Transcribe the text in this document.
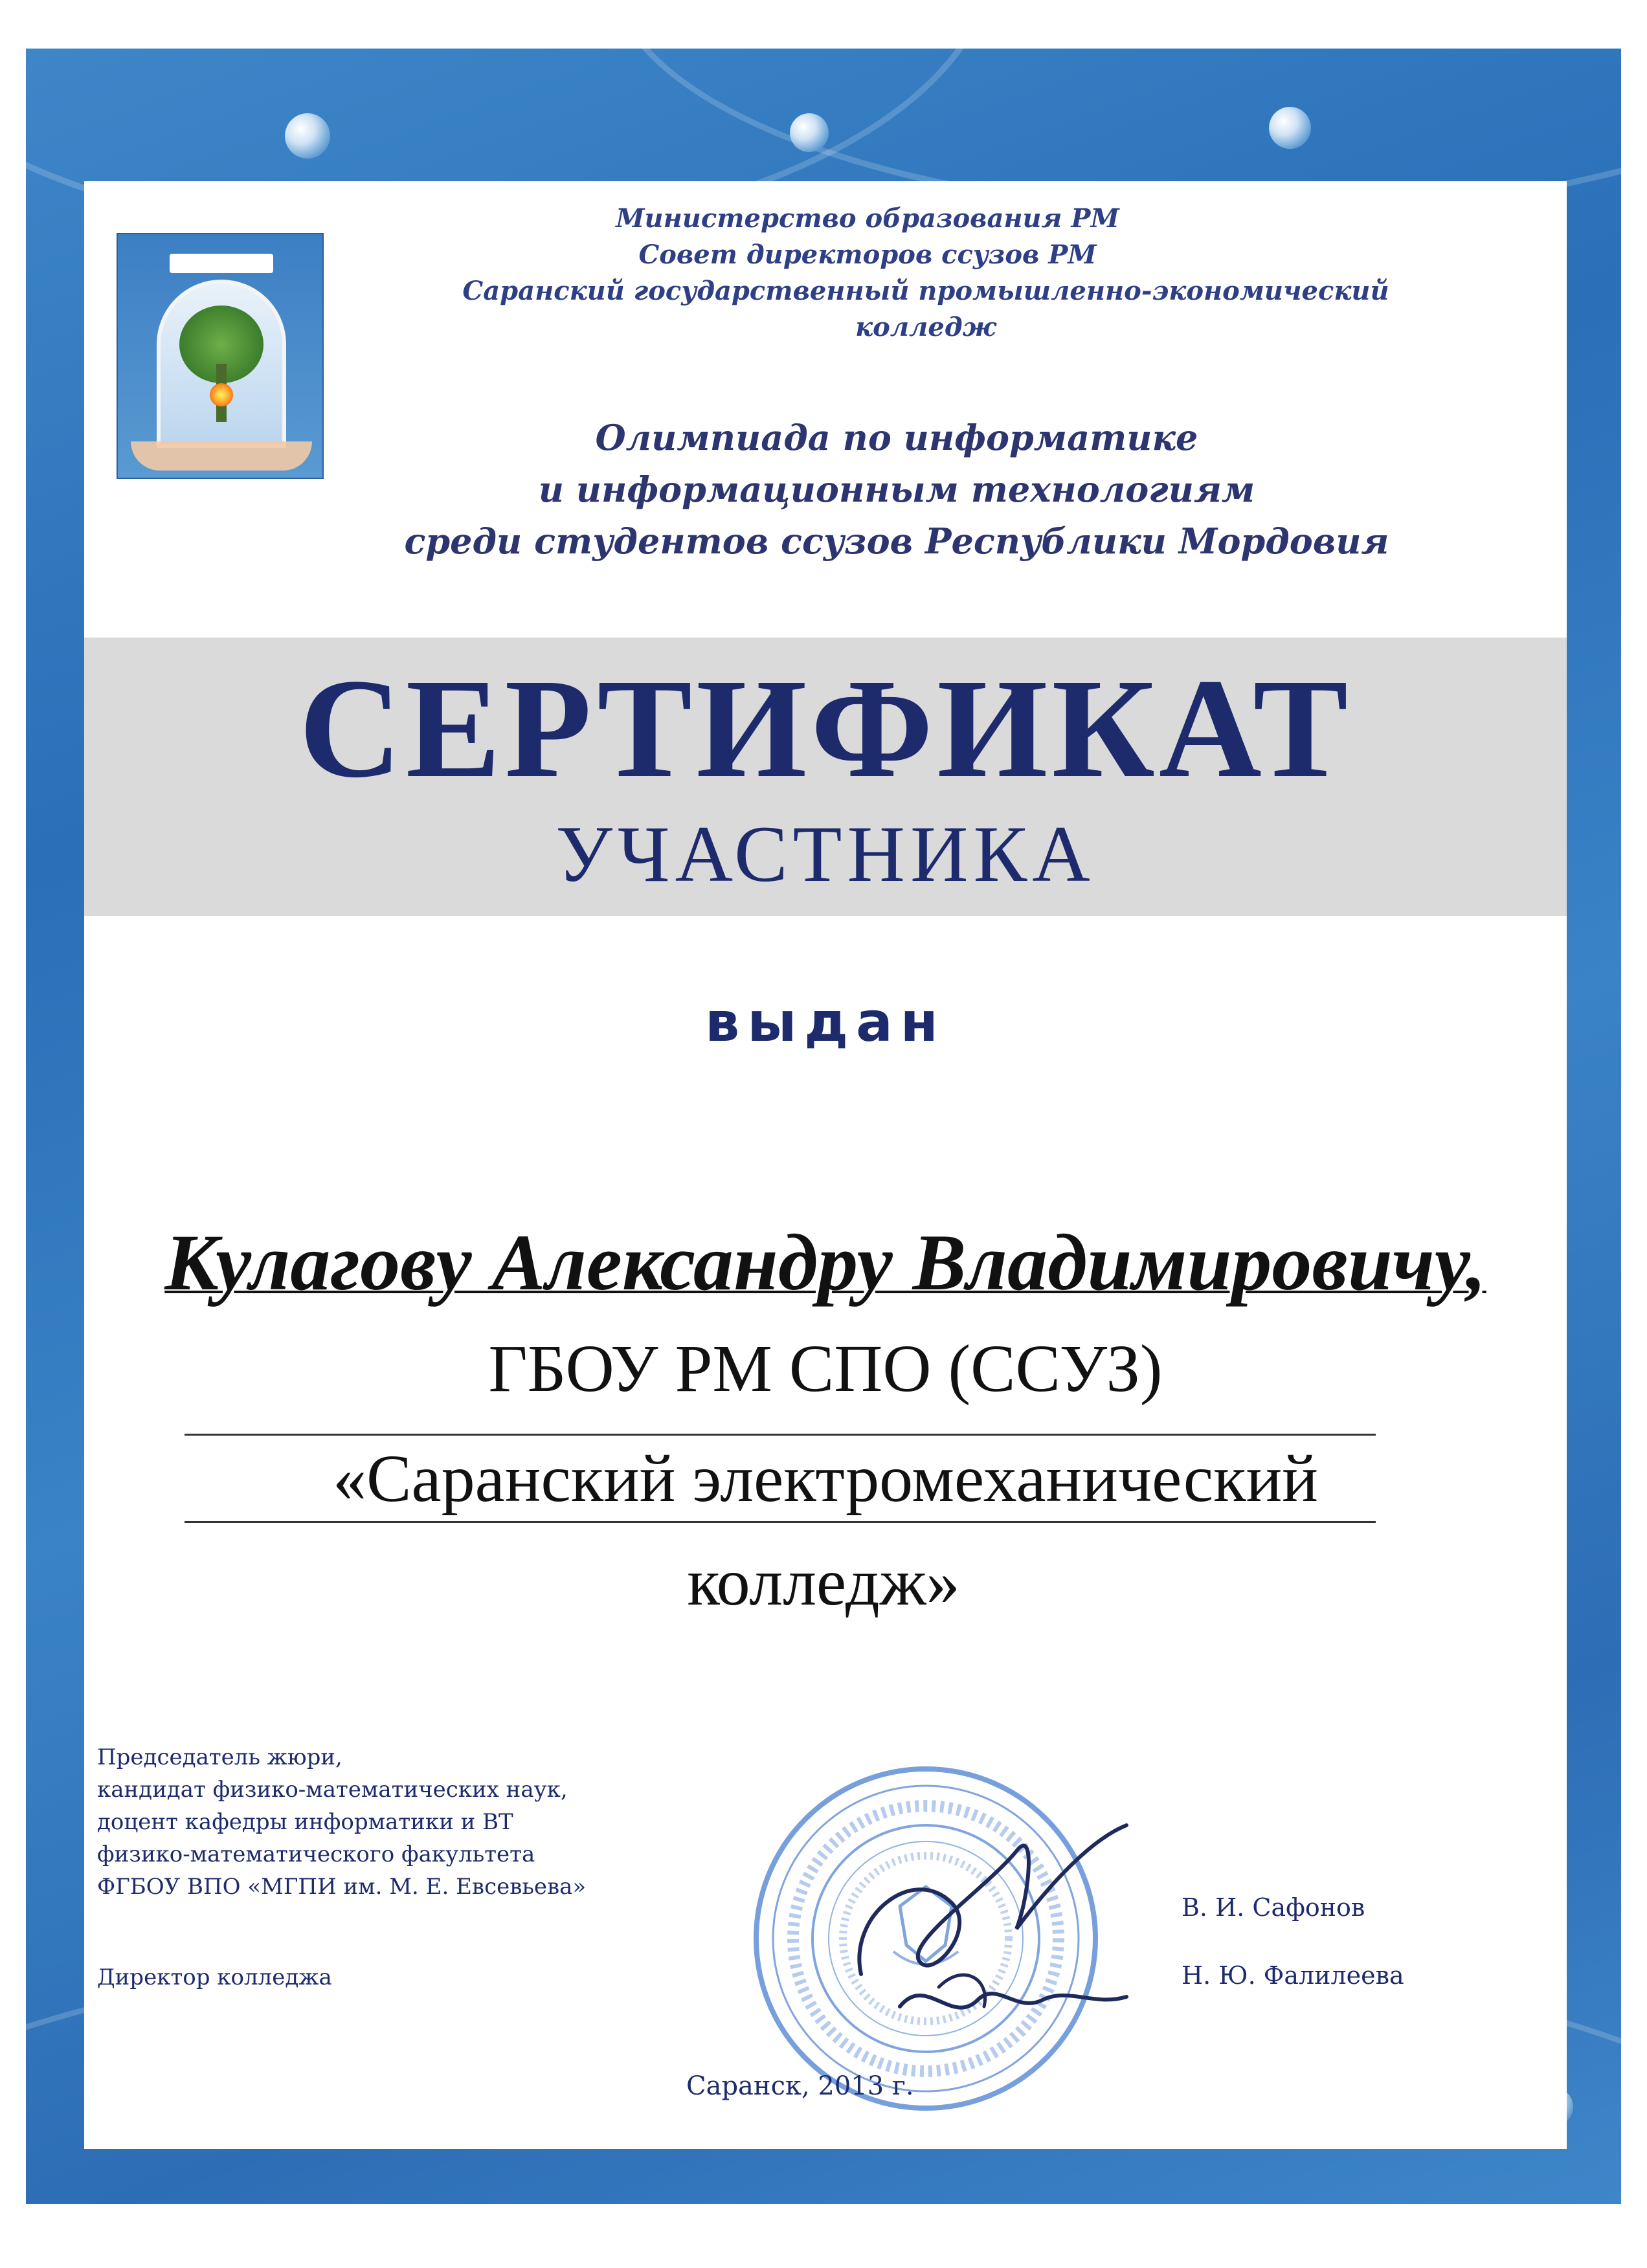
Министерство образования РМ
Совет директоров ссузов РМ
Саранский государственный промышленно-экономический колледж
Олимпиада по информатике
и информационным технологиям
среди студентов ссузов Республики Мордовия
СЕРТИФИКАТ
УЧАСТНИКА
выдан
Кулагову Александру Владимировичу,
ГБОУ РМ СПО (ССУЗ)
«Саранский электромеханический
колледж»
Председатель жюри,
кандидат физико-математических наук,
доцент кафедры информатики и ВТ
физико-математического факультета
ФГБОУ ВПО «МГПИ им. М. Е. Евсевьева»
В. И. Сафонов
Директор колледжа	Н. Ю. Фалилеева
Саранск, 2013 г.
